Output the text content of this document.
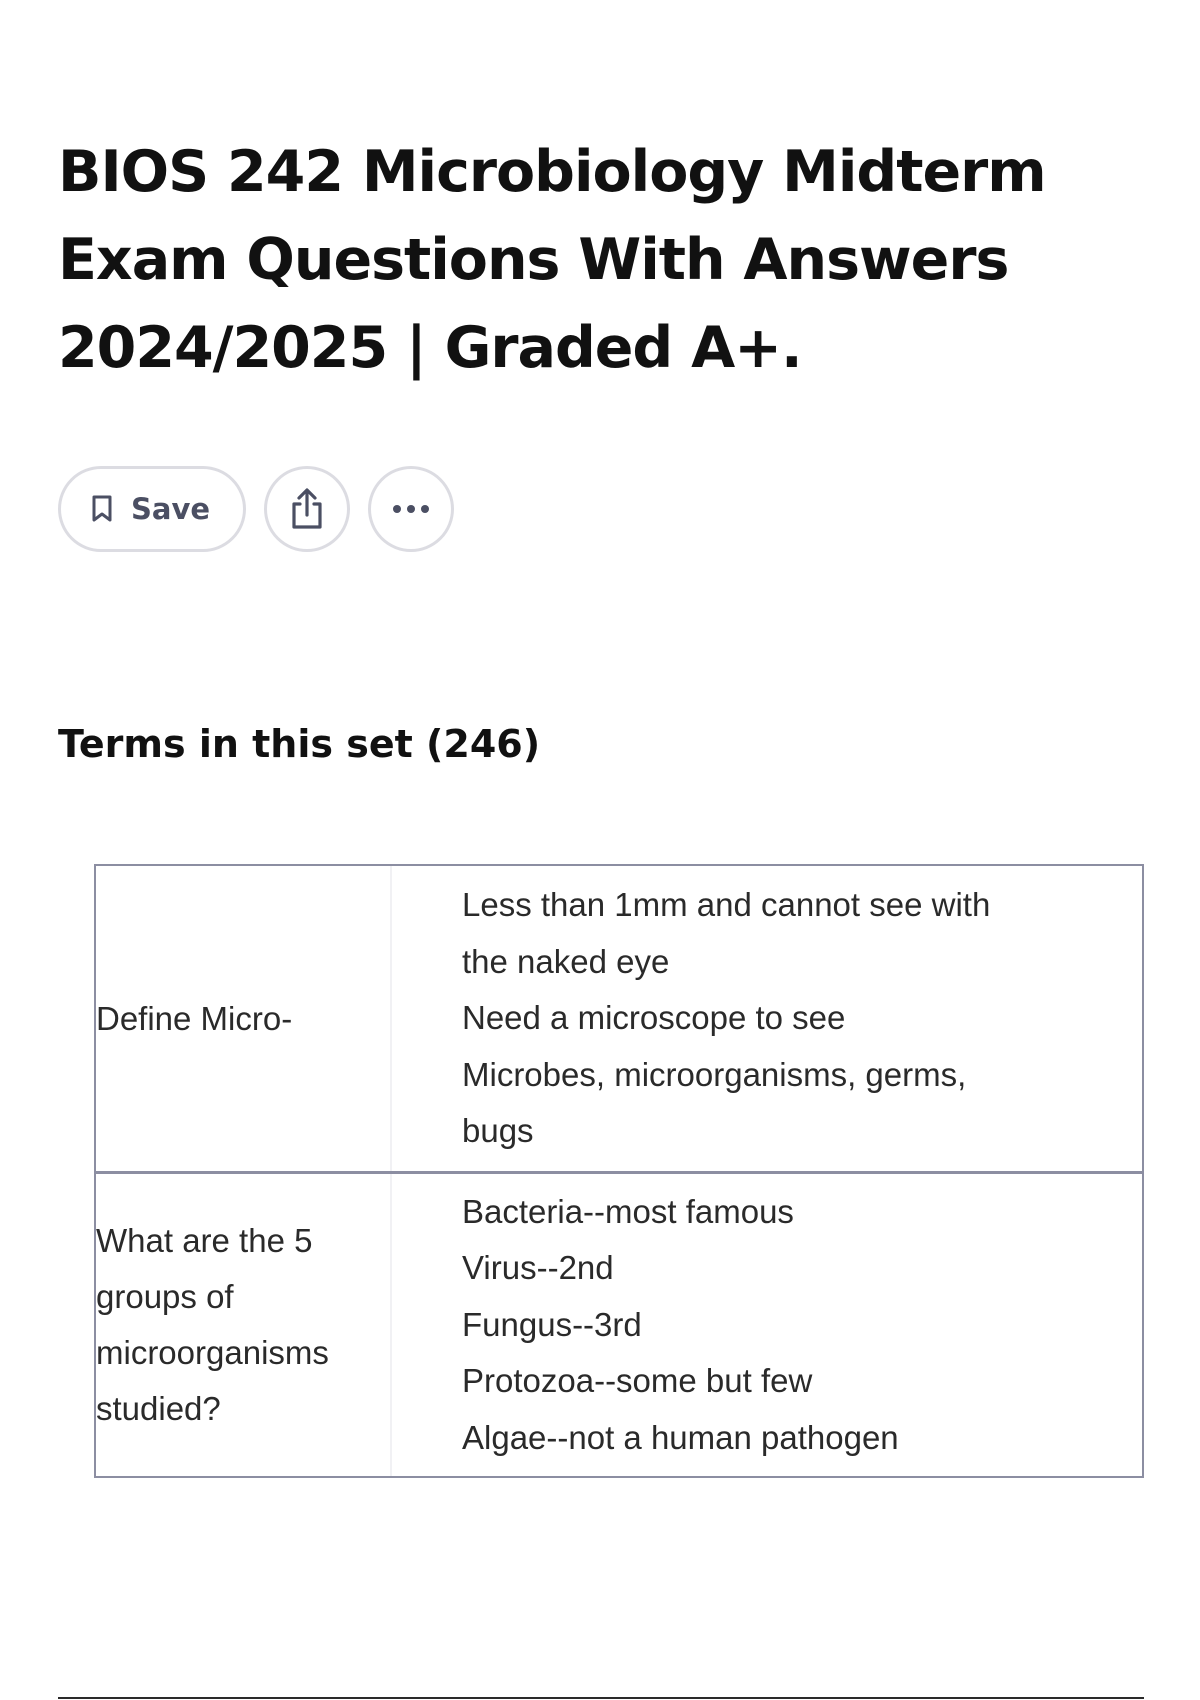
BIOS 242 Microbiology Midterm Exam Questions With Answers 2024/2025 | Graded A+.
Save
Terms in this set (246)
Define Micro-
Less than 1mm and cannot see with
the naked eye
Need a microscope to see
Microbes, microorganisms, germs,
bugs
What are the 5 groups of microorganisms studied?
Bacteria--most famous
Virus--2nd
Fungus--3rd
Protozoa--some but few
Algae--not a human pathogen
